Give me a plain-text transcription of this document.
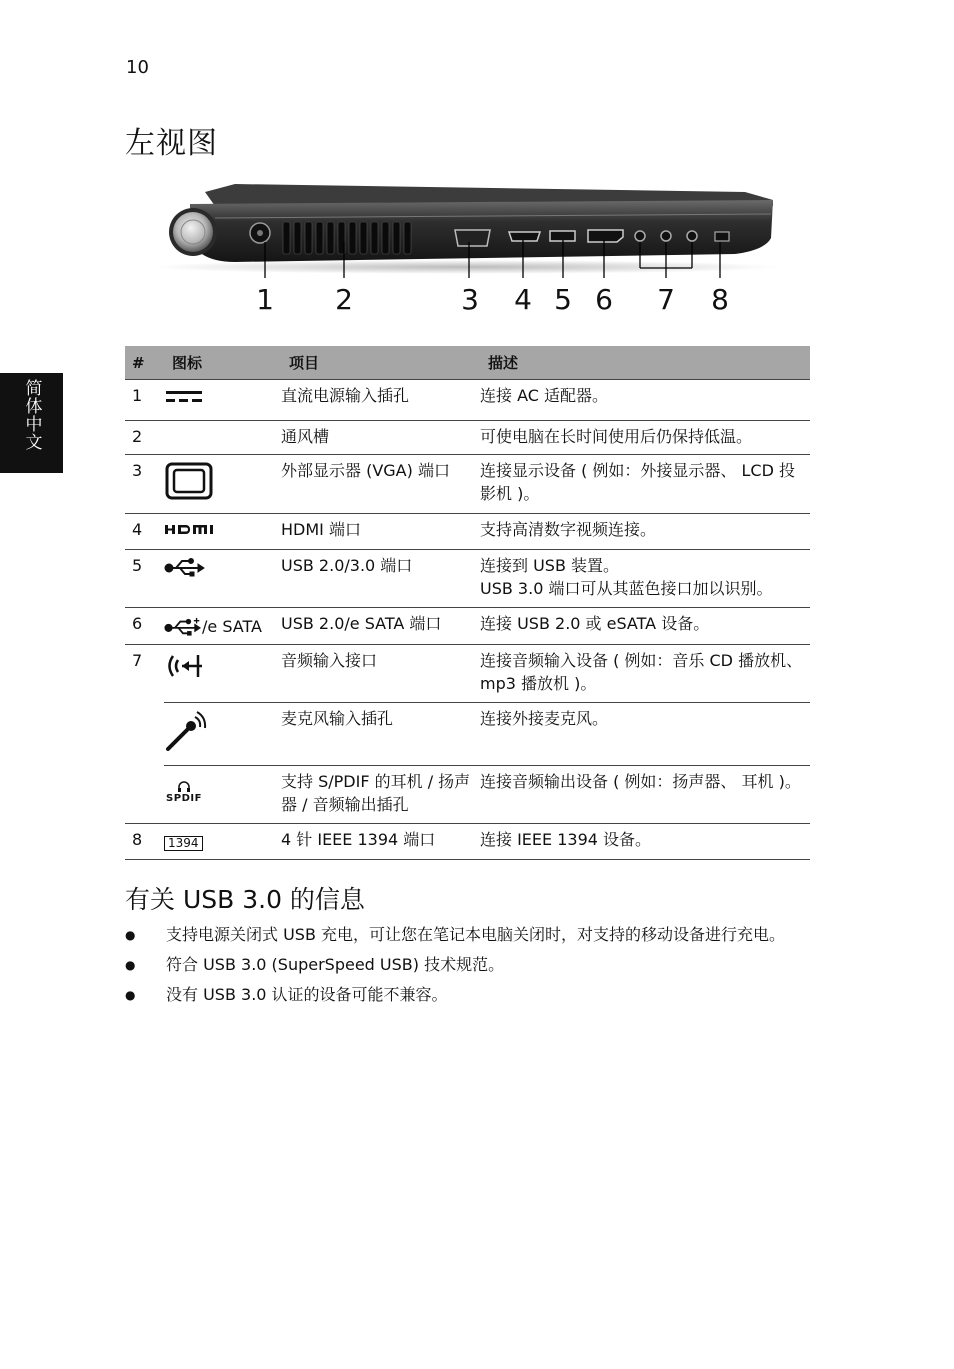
10
左视图
简体中文
1 2	3 4 5 6 7 8
#	图标	项目	描述
1		直流电源输入插孔	连接 AC 适配器。
2		通风槽	可使电脑在长时间使用后仍保持低温。
3		外部显示器 (VGA) 端口	连接显示设备 ( 例如：外接显示器、 LCD 投影机 )。
4		HDMI 端口	支持高清数字视频连接。
5		USB 2.0/3.0 端口	连接到 USB 装置。
USB 3.0 端口可从其蓝色接口加以识别。

6	/e SATA	USB 2.0/e SATA 端口	连接 USB 2.0 或 eSATA 设备。
7		音频输入接口	连接音频输入设备 ( 例如：音乐 CD 播放机、 mp3 播放机 )。
		麦克风输入插孔	连接外接麦克风。

	SPDIF	支持 S/PDIF 的耳机 / 扬声器 / 音频输出插孔	连接音频输出设备 ( 例如：扬声器、 耳机 )。
8	1394	4 针 IEEE 1394 端口	连接 IEEE 1394 设备。
有关 USB 3.0 的信息
● 支持电源关闭式 USB 充电，可让您在笔记本电脑关闭时，对支持的移动设备进行充电。
● 符合 USB 3.0 (SuperSpeed USB) 技术规范。
● 没有 USB 3.0 认证的设备可能不兼容。
